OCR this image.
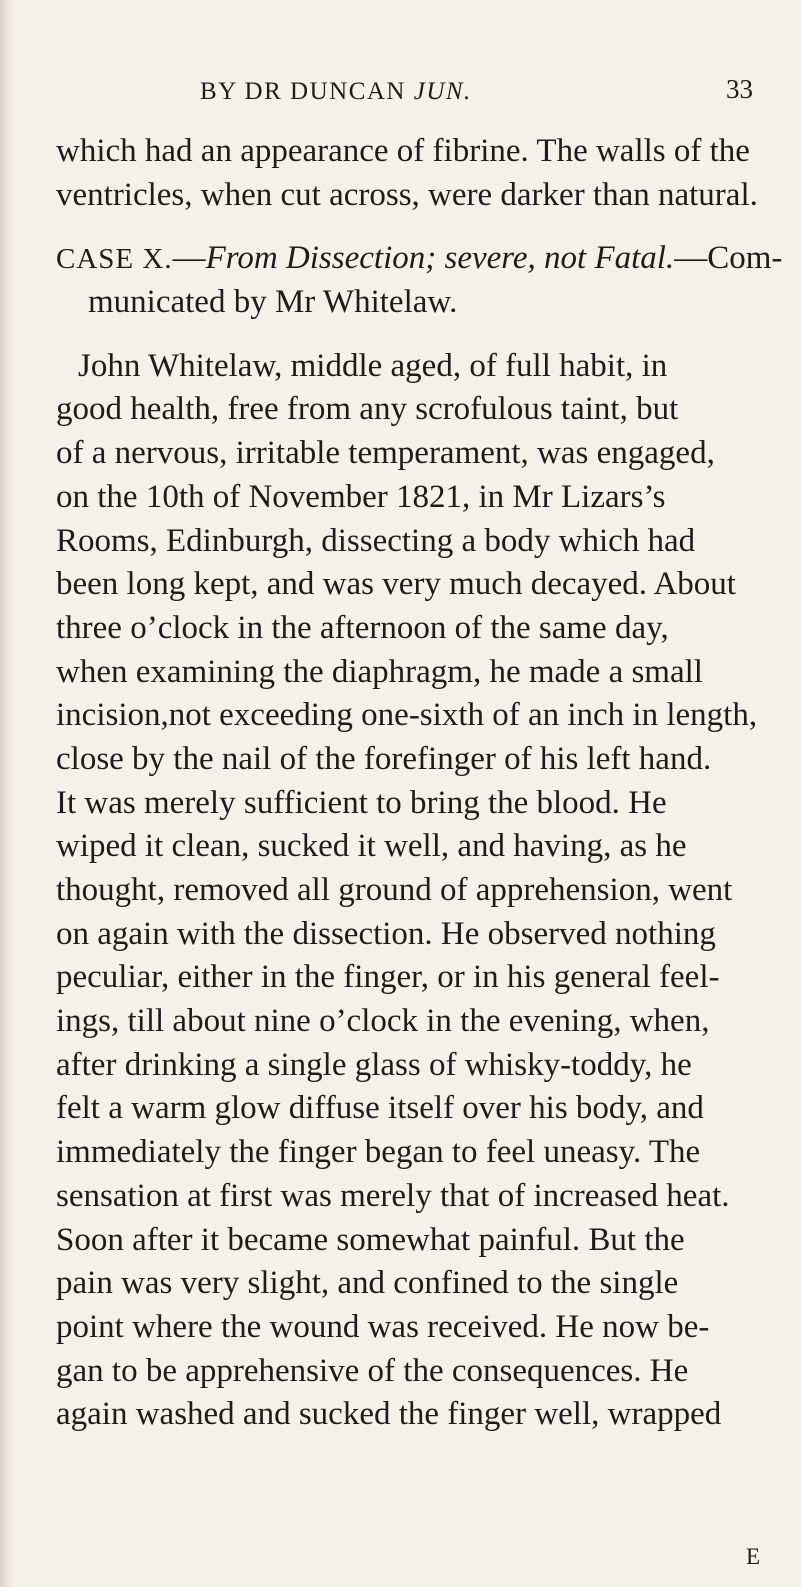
BY DR DUNCAN JUN.	33
which had an appearance of fibrine. The walls of the
ventricles, when cut across, were darker than natural.
CASE X.—From Dissection; severe, not Fatal.—Com-
municated by Mr Whitelaw.
John Whitelaw, middle aged, of full habit, in
good health, free from any scrofulous taint, but
of a nervous, irritable temperament, was engaged,
on the 10th of November 1821, in Mr Lizars’s
Rooms, Edinburgh, dissecting a body which had
been long kept, and was very much decayed. About
three o’clock in the afternoon of the same day,
when examining the diaphragm, he made a small
incision,not exceeding one-sixth of an inch in length,
close by the nail of the forefinger of his left hand.
It was merely sufficient to bring the blood. He
wiped it clean, sucked it well, and having, as he
thought, removed all ground of apprehension, went
on again with the dissection. He observed nothing
peculiar, either in the finger, or in his general feel-
ings, till about nine o’clock in the evening, when,
after drinking a single glass of whisky-toddy, he
felt a warm glow diffuse itself over his body, and
immediately the finger began to feel uneasy. The
sensation at first was merely that of increased heat.
Soon after it became somewhat painful. But the
pain was very slight, and confined to the single
point where the wound was received. He now be-
gan to be apprehensive of the consequences. He
again washed and sucked the finger well, wrapped
E
